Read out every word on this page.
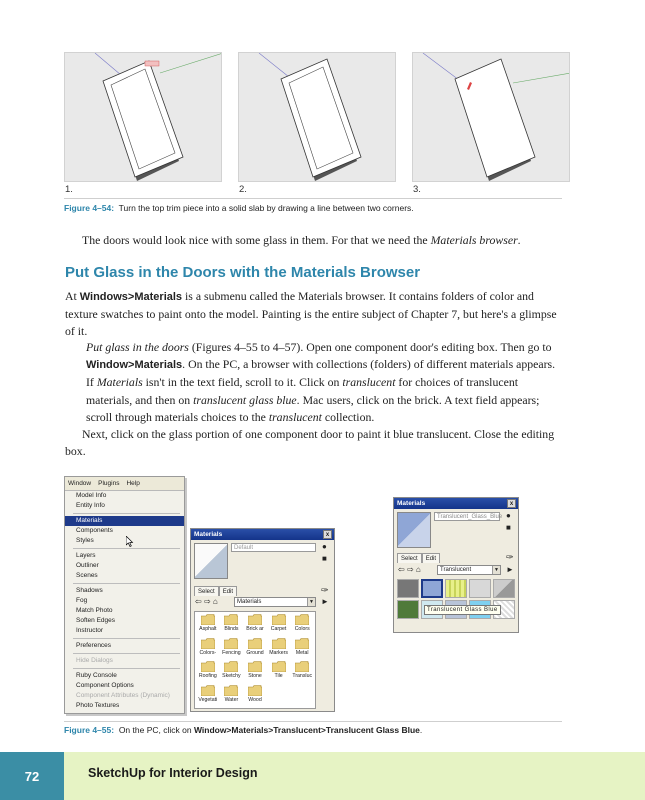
1.	2.	3.
Figure 4–54: Turn the top trim piece into a solid slab by drawing a line between two corners.
The doors would look nice with some glass in them. For that we need the Materials browser.
Put Glass in the Doors with the Materials Browser
At Windows>Materials is a submenu called the Materials browser. It contains folders of color and texture swatches to paint onto the model. Painting is the entire subject of Chapter 7, but here's a glimpse of it.
Put glass in the doors (Figures 4–55 to 4–57). Open one component door's editing box. Then go to Window>Materials. On the PC, a browser with collections (folders) of different materials appears. If Materials isn't in the text field, scroll to it. Click on translucent for choices of translucent materials, and then on translucent glass blue. Mac users, click on the brick. A text field appears; scroll through materials choices to the translucent collection.
Next, click on the glass portion of one component door to paint it blue translucent. Close the editing box.
Window Plugins Help
Model Info
Entity Info
Materials
Components
Styles
Layers
Outliner
Scenes
Shadows
Fog
Match Photo
Soften Edges
Instructor
Preferences
Hide Dialogs
Ruby Console
Component Options
Component Attributes (Dynamic)
Photo Textures
Materials	x
Default	●
■
Select	Edit	✑
⇦
⇨
⌂	Materials	▼ ►
Asphalt	Blinds	Brick ar	Carpet	Colors
Colors-	Fencing	Ground	Markers	Metal
Roofing	Sketchy	Stone	Tile	Transluc
Vegetati	Water	Wood
Materials	x
Translucent_Glass_Blue ●
■
Select	Edit	✑
⇦
⇨
⌂	Translucent	▼ ►
Translucent Glass Blue
Figure 4–55: On the PC, click on Window>Materials>Translucent>Translucent Glass Blue.
72	SketchUp for Interior Design
